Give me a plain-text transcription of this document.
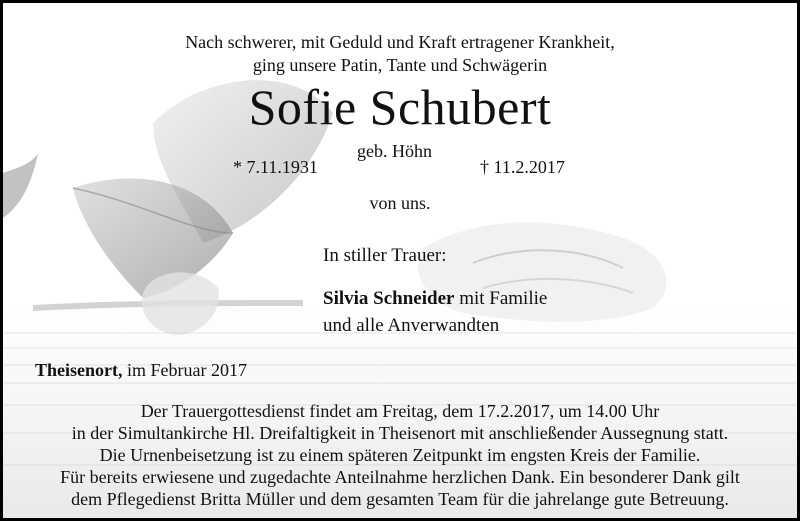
Nach schwerer, mit Geduld und Kraft ertragener Krankheit,
ging unsere Patin, Tante und Schwägerin
Sofie Schubert
geb. Höhn
* 7.11.1931	† 11.2.2017
von uns.
In stiller Trauer:
Silvia Schneider mit Familie
und alle Anverwandten
Theisenort, im Februar 2017
Der Trauergottesdienst findet am Freitag, dem 17.2.2017, um 14.00 Uhr
in der Simultankirche Hl. Dreifaltigkeit in Theisenort mit anschließender Aussegnung statt.
Die Urnenbeisetzung ist zu einem späteren Zeitpunkt im engsten Kreis der Familie.
Für bereits erwiesene und zugedachte Anteilnahme herzlichen Dank. Ein besonderer Dank gilt
dem Pflegedienst Britta Müller und dem gesamten Team für die jahrelange gute Betreuung.
